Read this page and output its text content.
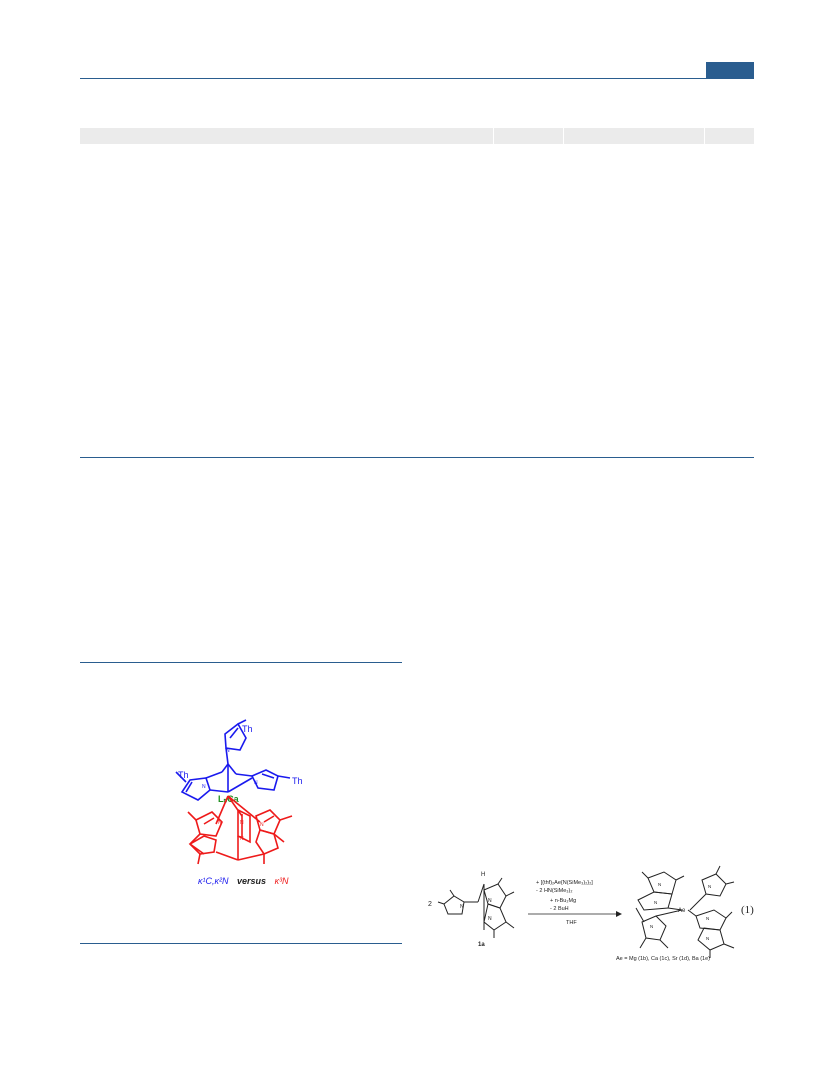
Th
Th
Th
N
N
N
LₙCa
N
N
N
N
κ¹C,κ²N versus κ³N
2
H
N
N
N
1a
+ [(thf)₂Ae{N(SiMe₃)₂}₂]
- 2 HN(SiMe₃)₂
+ n-Bu₂Mg
- 2 BuH
THF
Ae
N
N
N
N
N
N
Ae = Mg (1b), Ca (1c), Sr (1d), Ba (1e)
(1)
